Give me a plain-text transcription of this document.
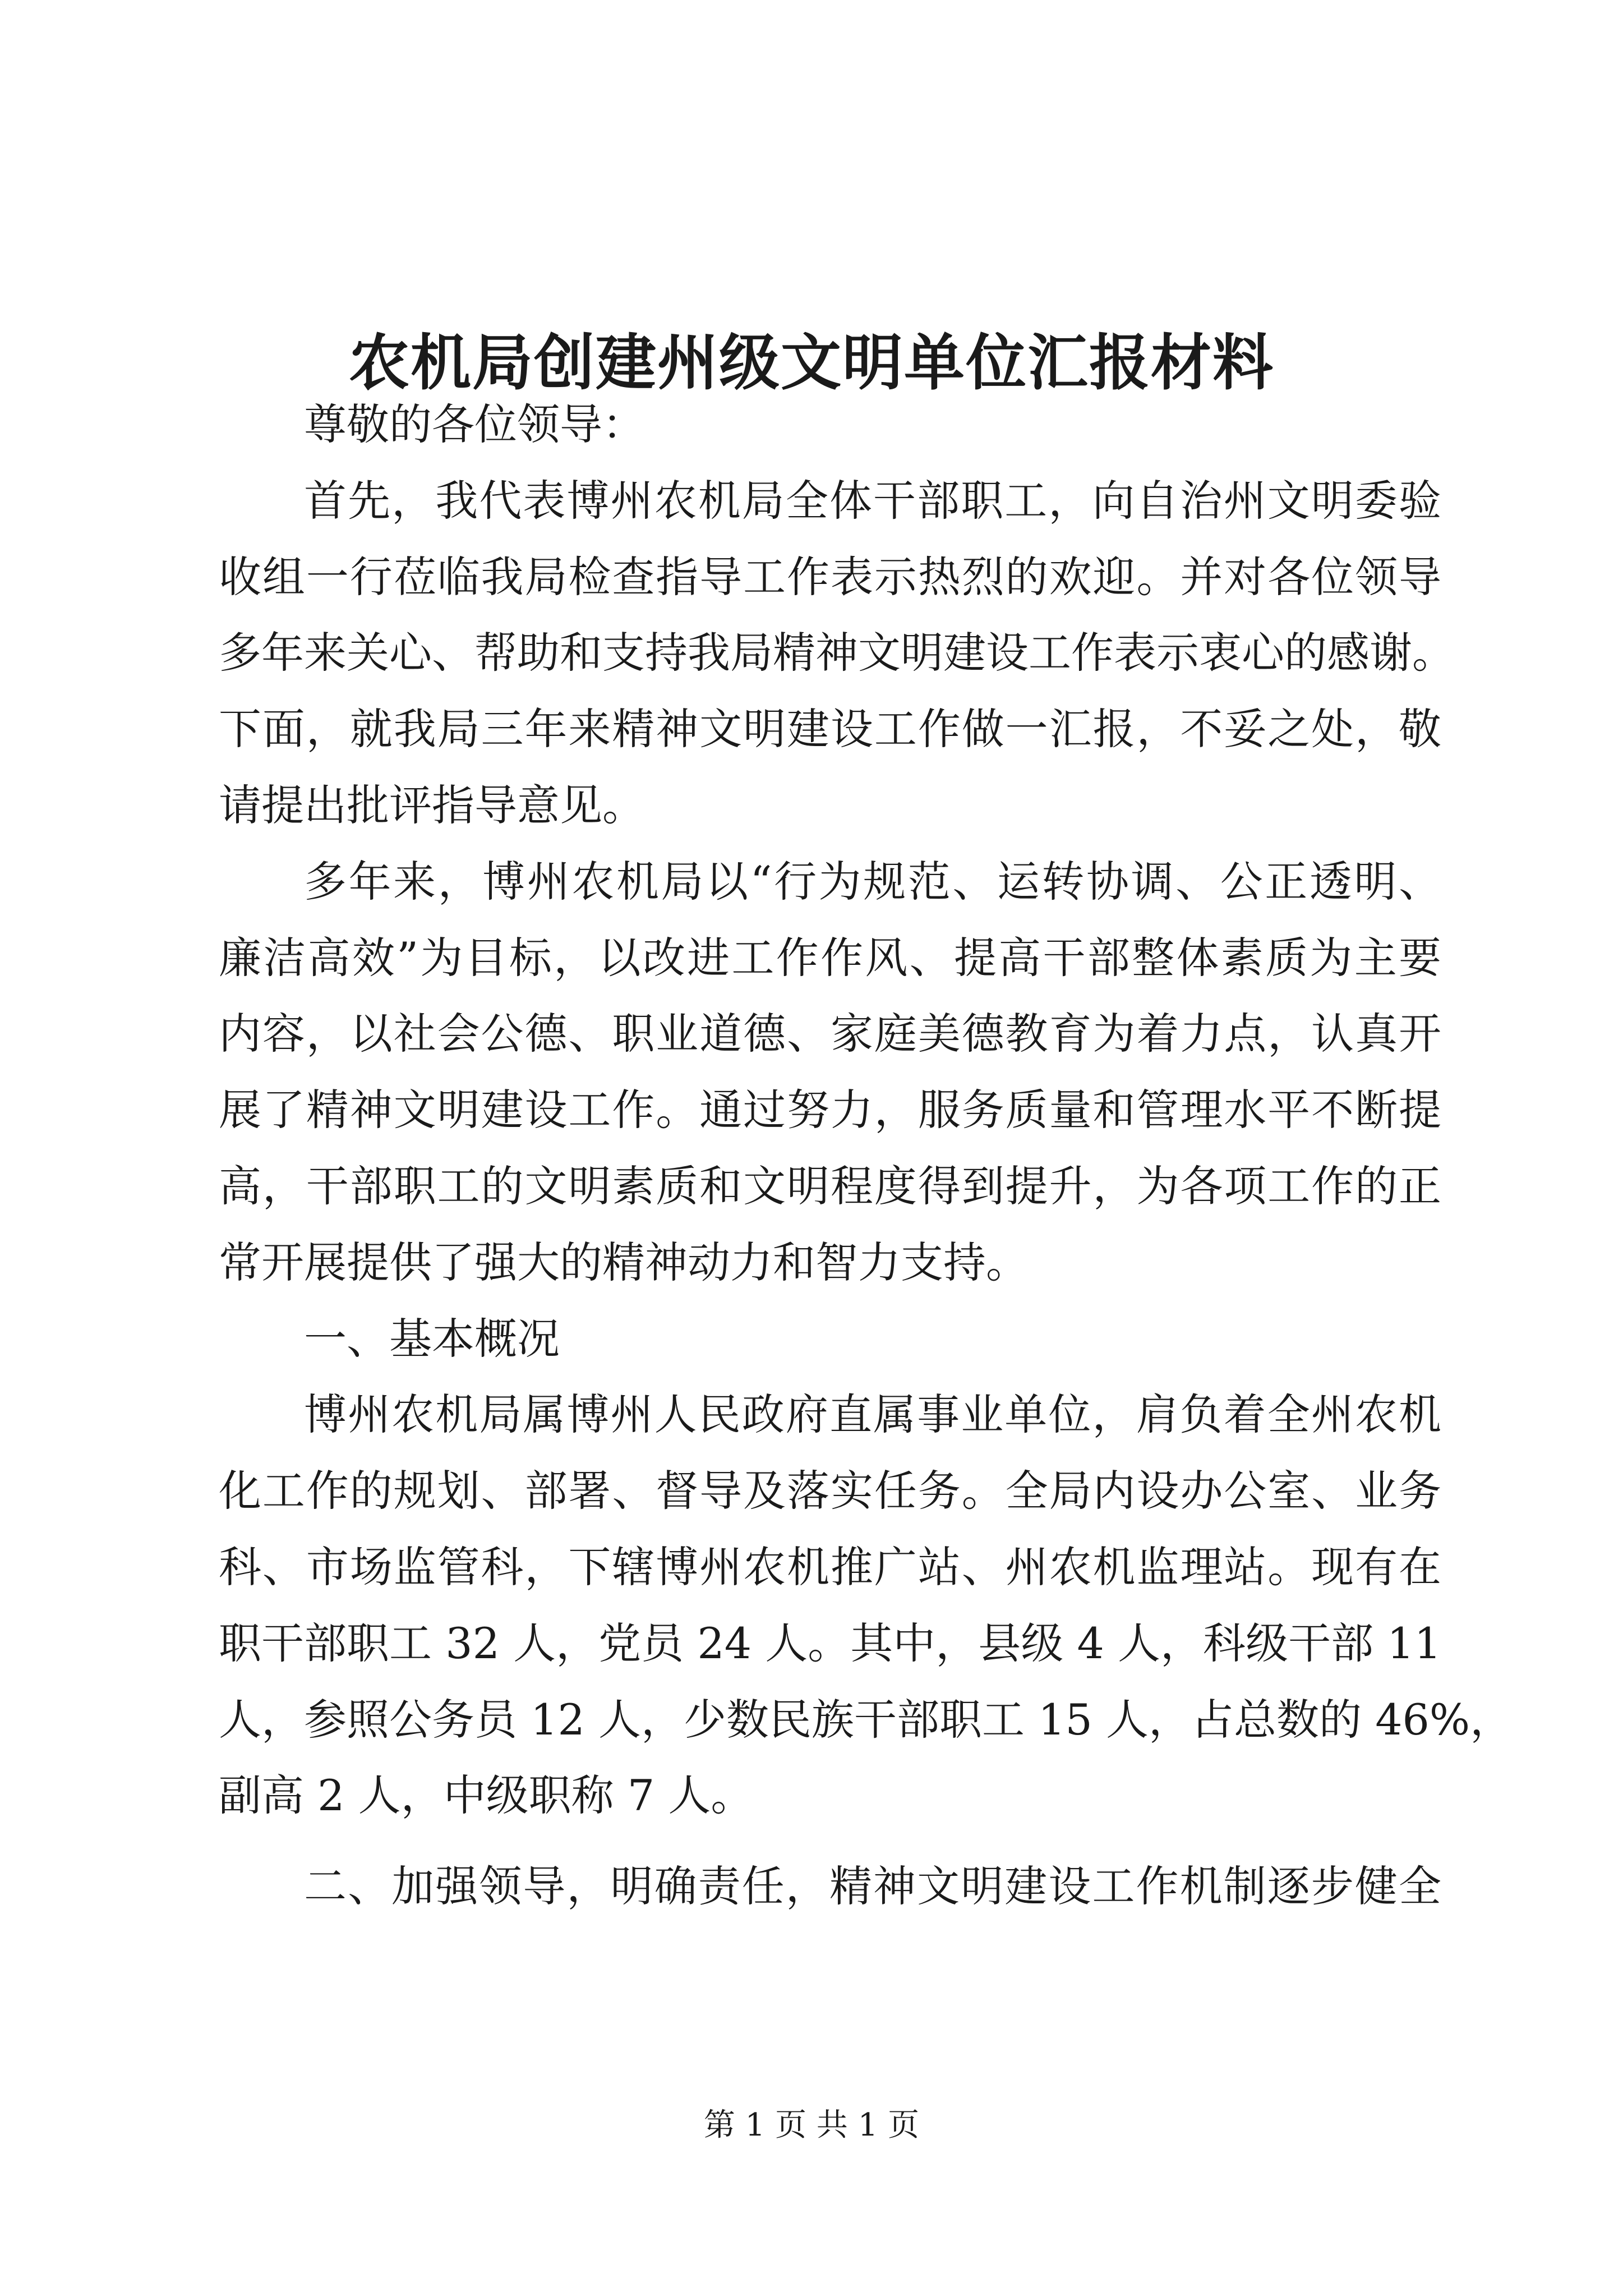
农机局创建州级文明单位汇报材料

尊敬的各位领导：

首先，我代表博州农机局全体干部职工，向自治州文明委验

收组一行莅临我局检查指导工作表示热烈的欢迎。并对各位领导

多年来关心、帮助和支持我局精神文明建设工作表示衷心的感谢。

下面，就我局三年来精神文明建设工作做一汇报，不妥之处，敬

请提出批评指导意见。

多年来，博州农机局以“行为规范、运转协调、公正透明、

廉洁高效”为目标，以改进工作作风、提高干部整体素质为主要

内容，以社会公德、职业道德、家庭美德教育为着力点，认真开

展了精神文明建设工作。通过努力，服务质量和管理水平不断提

高，干部职工的文明素质和文明程度得到提升，为各项工作的正

常开展提供了强大的精神动力和智力支持。

一、基本概况

博州农机局属博州人民政府直属事业单位，肩负着全州农机

化工作的规划、部署、督导及落实任务。全局内设办公室、业务

科、市场监管科，下辖博州农机推广站、州农机监理站。现有在

职干部职工 32 人，党员 24 人。其中，县级 4 人，科级干部 11

人，参照公务员 12 人，少数民族干部职工 15 人，占总数的 46%，

副高 2 人，中级职称 7 人。

二、加强领导，明确责任，精神文明建设工作机制逐步健全

第 1 页 共 1 页
